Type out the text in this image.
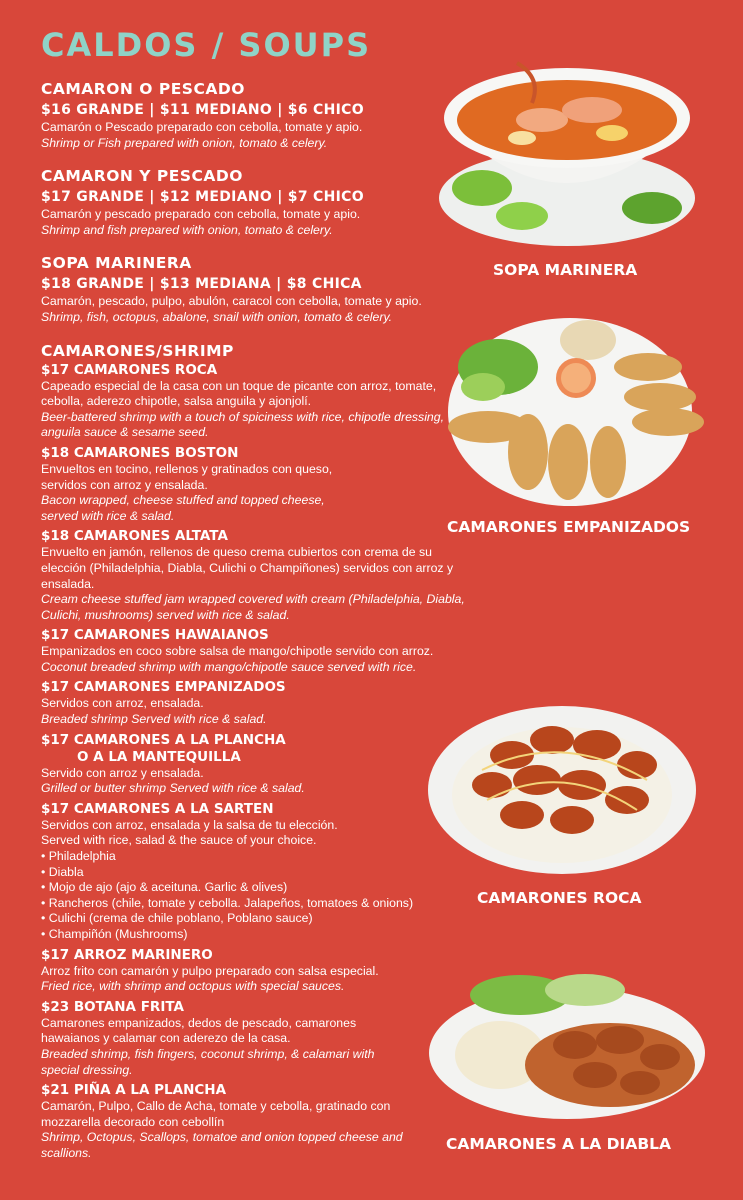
CALDOS / SOUPS

CAMARON O PESCADO

$16 GRANDE | $11 MEDIANO | $6 CHICO

Camarón o Pescado preparado con cebolla, tomate y apio.

Shrimp or Fish prepared with onion, tomato & celery.

CAMARON Y PESCADO

$17 GRANDE | $12 MEDIANO | $7 CHICO

Camarón y pescado preparado con cebolla, tomate y apio.

Shrimp and fish prepared with onion, tomato & celery.

SOPA MARINERA

$18 GRANDE | $13 MEDIANA | $8 CHICA

Camarón, pescado, pulpo, abulón, caracol con cebolla, tomate y apio.

Shrimp, fish, octopus, abalone, snail with onion, tomato & celery.

CAMARONES/SHRIMP

$17 CAMARONES ROCA

Capeado especial de la casa con un toque de picante con arroz, tomate, cebolla, aderezo chipotle, salsa anguila y ajonjolí.

Beer-battered shrimp with a touch of spiciness with rice, chipotle dressing, anguila sauce & sesame seed.

$18 CAMARONES BOSTON

Envueltos en tocino, rellenos y gratinados con queso, servidos con arroz y ensalada.

Bacon wrapped, cheese stuffed and topped cheese, served with rice & salad.

$18 CAMARONES ALTATA

Envuelto en jamón, rellenos de queso crema cubiertos con crema de su elección (Philadelphia, Diabla, Culichi o Champiñones) servidos con arroz y ensalada.

Cream cheese stuffed jam wrapped covered with cream (Philadelphia, Diabla, Culichi, mushrooms) served with rice & salad.

$17 CAMARONES HAWAIANOS

Empanizados en coco sobre salsa de mango/chipotle servido con arroz.

Coconut breaded shrimp with mango/chipotle sauce served with rice.

$17 CAMARONES EMPANIZADOS

Servidos con arroz, ensalada.

Breaded shrimp Served with rice & salad.

$17 CAMARONES A LA PLANCHA

O A LA MANTEQUILLA

Servido con arroz y ensalada.

Grilled or butter shrimp Served with rice & salad.

$17 CAMARONES A LA SARTEN

Servidos con arroz, ensalada y la salsa de tu elección.

Served with rice, salad & the sauce of your choice.

• Philadelphia
• Diabla
• Mojo de ajo (ajo & aceituna. Garlic & olives)
• Rancheros (chile, tomate y cebolla. Jalapeños, tomatoes & onions)
• Culichi (crema de chile poblano, Poblano sauce)
• Champiñón (Mushrooms)

$17 ARROZ MARINERO

Arroz frito con camarón y pulpo preparado con salsa especial.

Fried rice, with shrimp and octopus with special sauces.

$23 BOTANA FRITA

Camarones empanizados, dedos de pescado, camarones hawaianos y calamar con aderezo de la casa.

Breaded shrimp, fish fingers, coconut shrimp, & calamari with special dressing.

$21 PIÑA A LA PLANCHA

Camarón, Pulpo, Callo de Acha, tomate y cebolla, gratinado con mozzarella decorado con cebollín

Shrimp, Octopus, Scallops, tomatoe and onion topped cheese and scallions.

SOPA MARINERA
CAMARONES EMPANIZADOS
CAMARONES ROCA
CAMARONES A LA DIABLA
